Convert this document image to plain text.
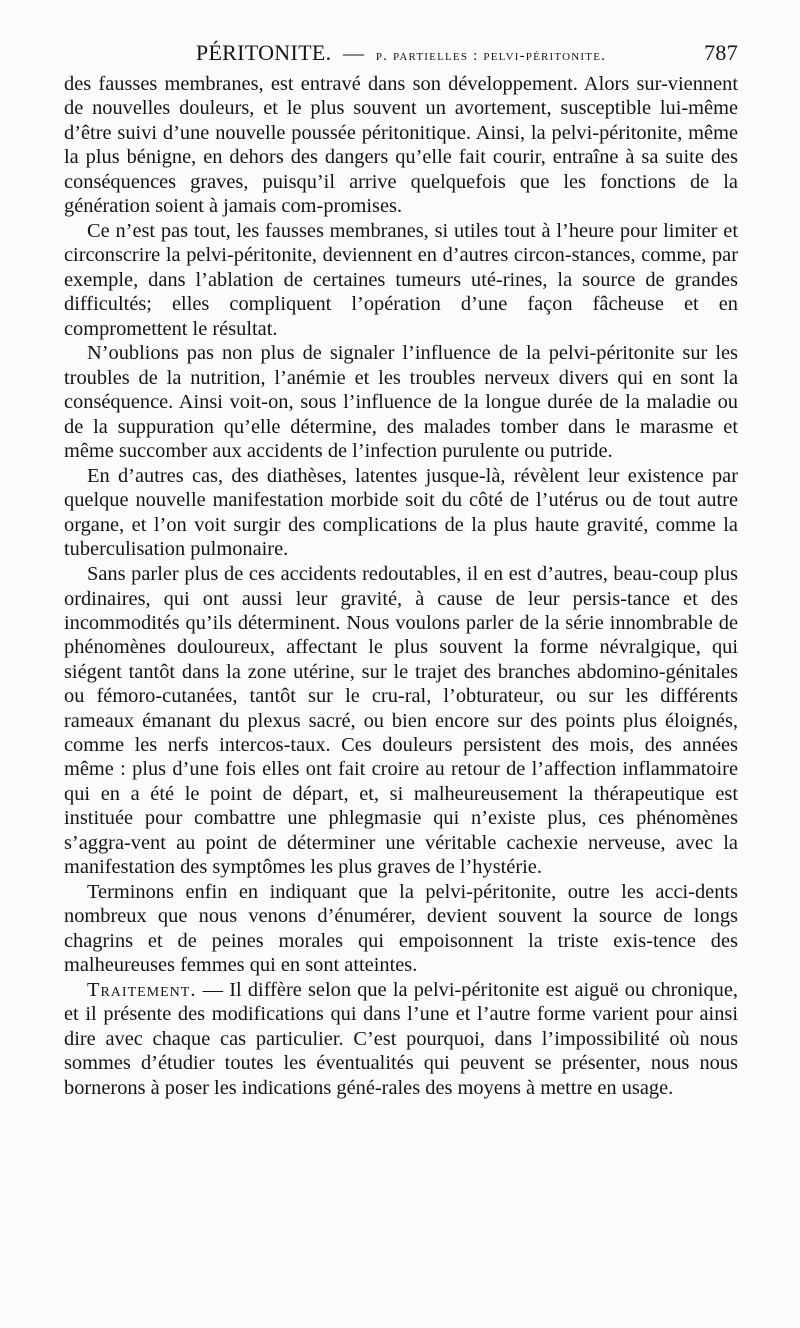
PÉRITONITE. — p. partielles : pelvi-péritonite.	787

des fausses membranes, est entravé dans son développement. Alors sur-viennent de nouvelles douleurs, et le plus souvent un avortement, susceptible lui-même d’être suivi d’une nouvelle poussée péritonitique. Ainsi, la pelvi-péritonite, même la plus bénigne, en dehors des dangers qu’elle fait courir, entraîne à sa suite des conséquences graves, puisqu’il arrive quelquefois que les fonctions de la génération soient à jamais com-promises.

Ce n’est pas tout, les fausses membranes, si utiles tout à l’heure pour limiter et circonscrire la pelvi-péritonite, deviennent en d’autres circon-stances, comme, par exemple, dans l’ablation de certaines tumeurs uté-rines, la source de grandes difficultés; elles compliquent l’opération d’une façon fâcheuse et en compromettent le résultat.

N’oublions pas non plus de signaler l’influence de la pelvi-péritonite sur les troubles de la nutrition, l’anémie et les troubles nerveux divers qui en sont la conséquence. Ainsi voit-on, sous l’influence de la longue durée de la maladie ou de la suppuration qu’elle détermine, des malades tomber dans le marasme et même succomber aux accidents de l’infection purulente ou putride.

En d’autres cas, des diathèses, latentes jusque-là, révèlent leur existence par quelque nouvelle manifestation morbide soit du côté de l’utérus ou de tout autre organe, et l’on voit surgir des complications de la plus haute gravité, comme la tuberculisation pulmonaire.

Sans parler plus de ces accidents redoutables, il en est d’autres, beau-coup plus ordinaires, qui ont aussi leur gravité, à cause de leur persis-tance et des incommodités qu’ils déterminent. Nous voulons parler de la série innombrable de phénomènes douloureux, affectant le plus souvent la forme névralgique, qui siégent tantôt dans la zone utérine, sur le trajet des branches abdomino-génitales ou fémoro-cutanées, tantôt sur le cru-ral, l’obturateur, ou sur les différents rameaux émanant du plexus sacré, ou bien encore sur des points plus éloignés, comme les nerfs intercos-taux. Ces douleurs persistent des mois, des années même : plus d’une fois elles ont fait croire au retour de l’affection inflammatoire qui en a été le point de départ, et, si malheureusement la thérapeutique est instituée pour combattre une phlegmasie qui n’existe plus, ces phénomènes s’aggra-vent au point de déterminer une véritable cachexie nerveuse, avec la manifestation des symptômes les plus graves de l’hystérie.

Terminons enfin en indiquant que la pelvi-péritonite, outre les acci-dents nombreux que nous venons d’énumérer, devient souvent la source de longs chagrins et de peines morales qui empoisonnent la triste exis-tence des malheureuses femmes qui en sont atteintes.

Traitement. — Il diffère selon que la pelvi-péritonite est aiguë ou chronique, et il présente des modifications qui dans l’une et l’autre forme varient pour ainsi dire avec chaque cas particulier. C’est pourquoi, dans l’impossibilité où nous sommes d’étudier toutes les éventualités qui peuvent se présenter, nous nous bornerons à poser les indications géné-rales des moyens à mettre en usage.
